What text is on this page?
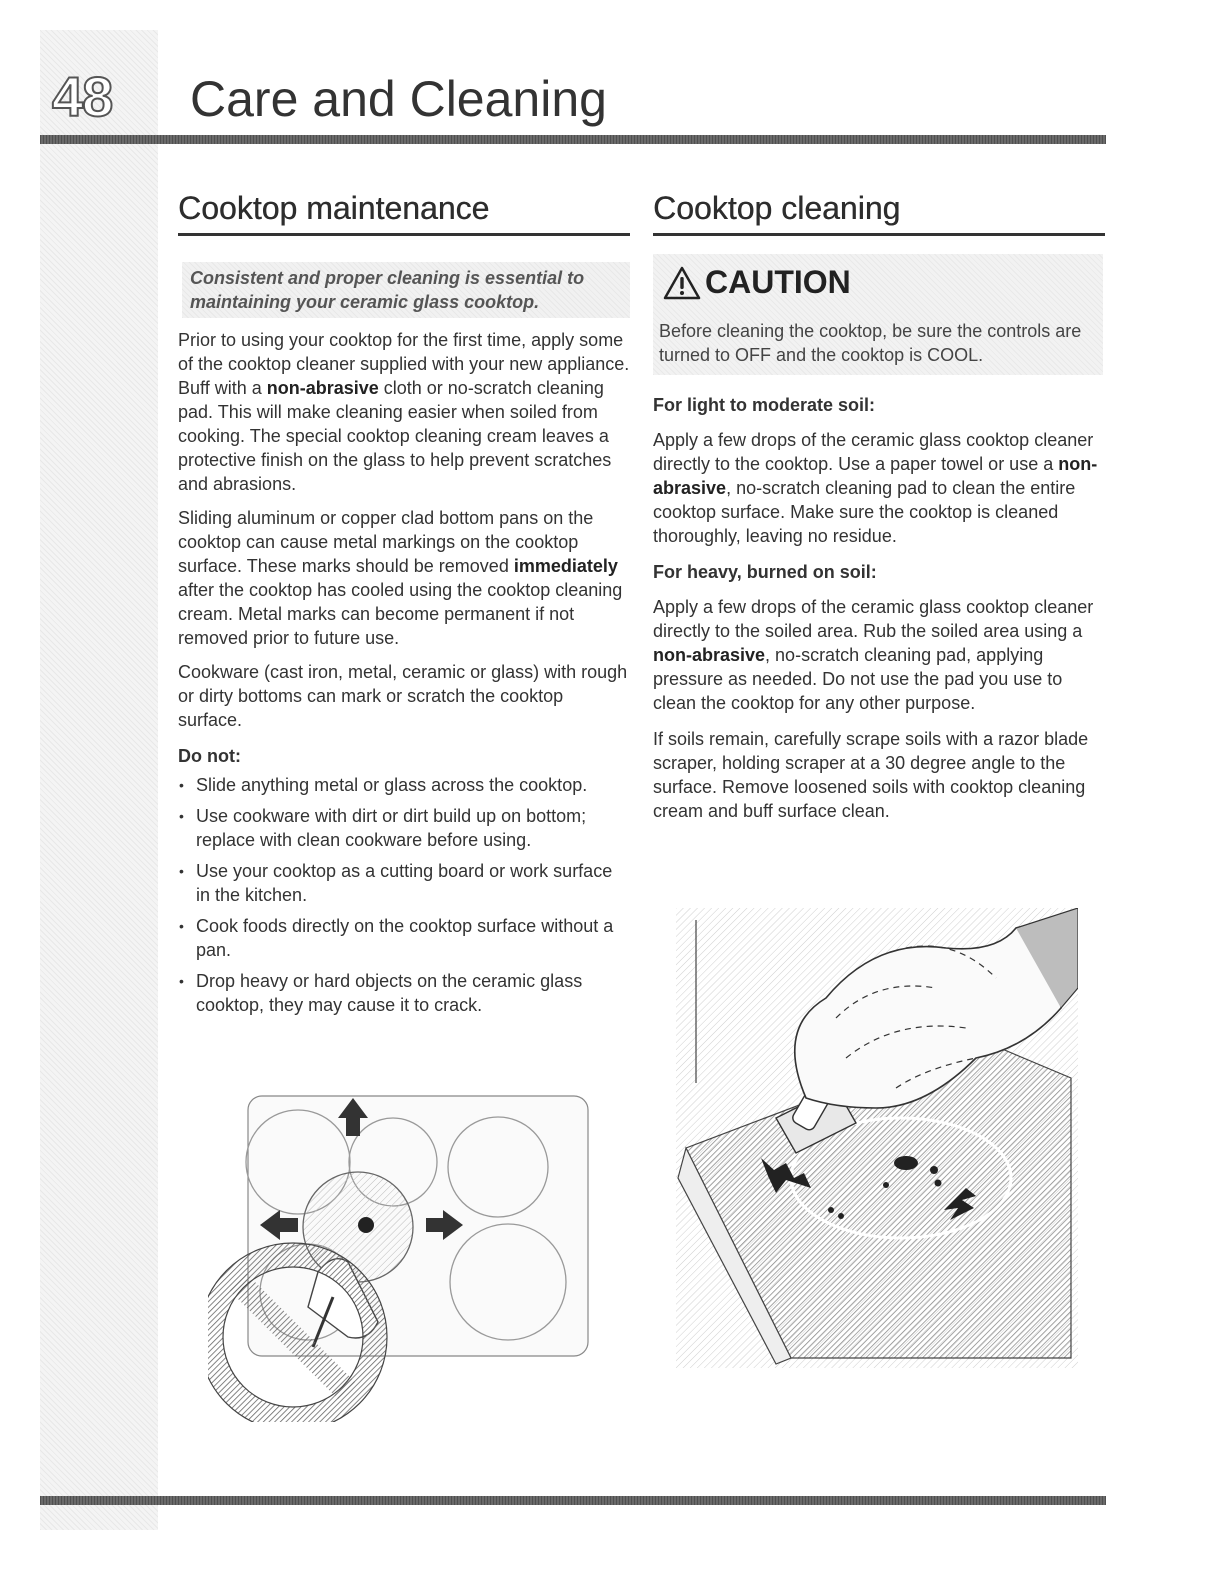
48 Care and Cleaning
Cooktop maintenance
Consistent and proper cleaning is essential to maintaining your ceramic glass cooktop.

Prior to using your cooktop for the first time, apply some of the cooktop cleaner supplied with your new appliance. Buff with a non-abrasive cloth or no-scratch cleaning pad. This will make cleaning easier when soiled from cooking. The special cooktop cleaning cream leaves a protective finish on the glass to help prevent scratches and abrasions.

Sliding aluminum or copper clad bottom pans on the cooktop can cause metal markings on the cooktop surface. These marks should be removed immediately after the cooktop has cooled using the cooktop cleaning cream. Metal marks can become permanent if not removed prior to future use.

Cookware (cast iron, metal, ceramic or glass) with rough or dirty bottoms can mark or scratch the cooktop surface.

Do not:
• Slide anything metal or glass across the cooktop.
• Use cookware with dirt or dirt build up on bottom; replace with clean cookware before using.
• Use your cooktop as a cutting board or work surface in the kitchen.
• Cook foods directly on the cooktop surface without a pan.
• Drop heavy or hard objects on the ceramic glass cooktop, they may cause it to crack.
Cooktop cleaning
CAUTION

Before cleaning the cooktop, be sure the controls are turned to OFF and the cooktop is COOL.

For light to moderate soil:

Apply a few drops of the ceramic glass cooktop cleaner directly to the cooktop. Use a paper towel or use a non-abrasive, no-scratch cleaning pad to clean the entire cooktop surface. Make sure the cooktop is cleaned thoroughly, leaving no residue.

For heavy, burned on soil:

Apply a few drops of the ceramic glass cooktop cleaner directly to the soiled area. Rub the soiled area using a non-abrasive, no-scratch cleaning pad, applying pressure as needed. Do not use the pad you use to clean the cooktop for any other purpose.

If soils remain, carefully scrape soils with a razor blade scraper, holding scraper at a 30 degree angle to the surface. Remove loosened soils with cooktop cleaning cream and buff surface clean.
